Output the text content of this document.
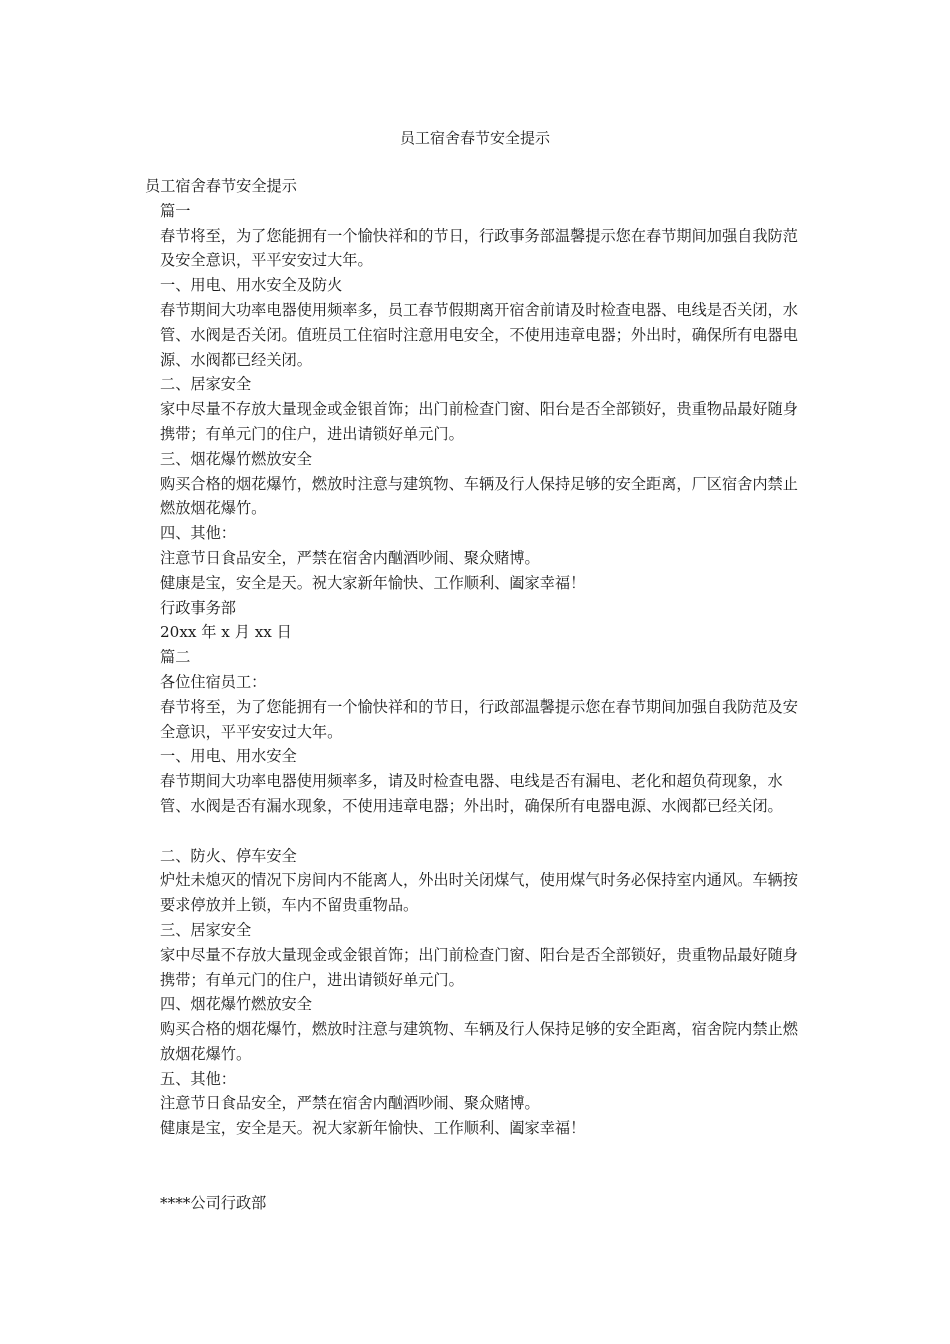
员工宿舍春节安全提示

员工宿舍春节安全提示

篇一

春节将至，为了您能拥有一个愉快祥和的节日，行政事务部温馨提示您在春节期间加强自我防范及安全意识，平平安安过大年。

一、用电、用水安全及防火

春节期间大功率电器使用频率多，员工春节假期离开宿舍前请及时检查电器、电线是否关闭，水管、水阀是否关闭。值班员工住宿时注意用电安全，不使用违章电器；外出时，确保所有电器电源、水阀都已经关闭。

二、居家安全

家中尽量不存放大量现金或金银首饰；出门前检查门窗、阳台是否全部锁好，贵重物品最好随身携带；有单元门的住户，进出请锁好单元门。

三、烟花爆竹燃放安全

购买合格的烟花爆竹，燃放时注意与建筑物、车辆及行人保持足够的安全距离，厂区宿舍内禁止燃放烟花爆竹。

四、其他：

注意节日食品安全，严禁在宿舍内酗酒吵闹、聚众赌博。

健康是宝，安全是天。祝大家新年愉快、工作顺利、阖家幸福！

行政事务部

20xx 年 x 月 xx 日

篇二

各位住宿员工：

春节将至，为了您能拥有一个愉快祥和的节日，行政部温馨提示您在春节期间加强自我防范及安全意识，平平安安过大年。

一、用电、用水安全

春节期间大功率电器使用频率多，请及时检查电器、电线是否有漏电、老化和超负荷现象，水管、水阀是否有漏水现象，不使用违章电器；外出时，确保所有电器电源、水阀都已经关闭。

二、防火、停车安全

炉灶未熄灭的情况下房间内不能离人，外出时关闭煤气，使用煤气时务必保持室内通风。车辆按要求停放并上锁，车内不留贵重物品。

三、居家安全

家中尽量不存放大量现金或金银首饰；出门前检查门窗、阳台是否全部锁好，贵重物品最好随身携带；有单元门的住户，进出请锁好单元门。

四、烟花爆竹燃放安全

购买合格的烟花爆竹，燃放时注意与建筑物、车辆及行人保持足够的安全距离，宿舍院内禁止燃放烟花爆竹。

五、其他：

注意节日食品安全，严禁在宿舍内酗酒吵闹、聚众赌博。

健康是宝，安全是天。祝大家新年愉快、工作顺利、阖家幸福！

****公司行政部
